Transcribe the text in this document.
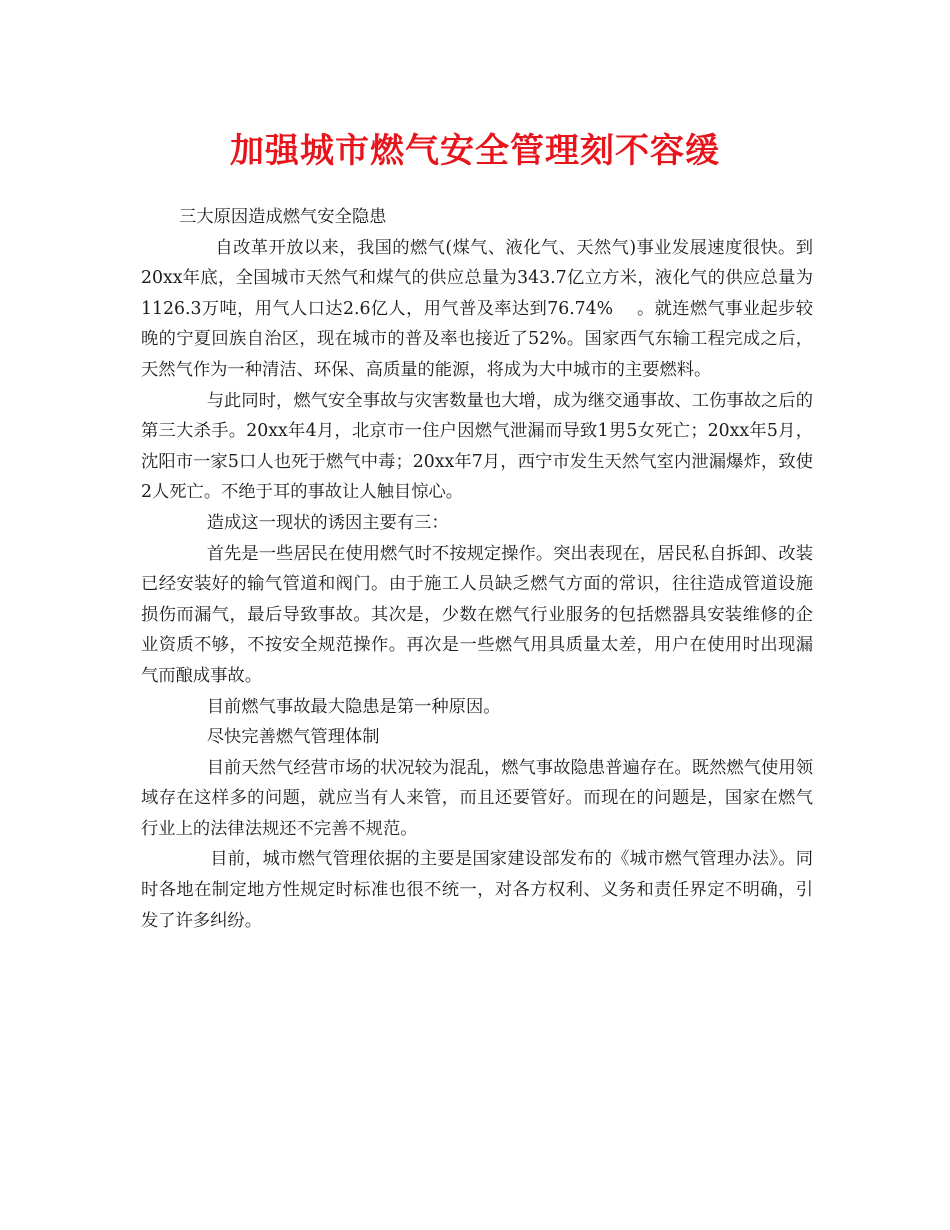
加强城市燃气安全管理刻不容缓

三大原因造成燃气安全隐患

自改革开放以来，我国的燃气(煤气、液化气、天然气)事业发展速度很快。到20xx年底，全国城市天然气和煤气的供应总量为343.7亿立方米，液化气的供应总量为1126.3万吨，用气人口达2.6亿人，用气普及率达到76.74%　 。就连燃气事业起步较晚的宁夏回族自治区，现在城市的普及率也接近了52%。国家西气东输工程完成之后，天然气作为一种清洁、环保、高质量的能源，将成为大中城市的主要燃料。

与此同时，燃气安全事故与灾害数量也大增，成为继交通事故、工伤事故之后的第三大杀手。20xx年4月，北京市一住户因燃气泄漏而导致1男5女死亡；20xx年5月，沈阳市一家5口人也死于燃气中毒；20xx年7月，西宁市发生天然气室内泄漏爆炸，致使2人死亡。不绝于耳的事故让人触目惊心。

造成这一现状的诱因主要有三：

首先是一些居民在使用燃气时不按规定操作。突出表现在，居民私自拆卸、改装已经安装好的输气管道和阀门。由于施工人员缺乏燃气方面的常识，往往造成管道设施损伤而漏气，最后导致事故。其次是，少数在燃气行业服务的包括燃器具安装维修的企业资质不够，不按安全规范操作。再次是一些燃气用具质量太差，用户在使用时出现漏气而酿成事故。

目前燃气事故最大隐患是第一种原因。

尽快完善燃气管理体制

目前天然气经营市场的状况较为混乱，燃气事故隐患普遍存在。既然燃气使用领域存在这样多的问题，就应当有人来管，而且还要管好。而现在的问题是，国家在燃气行业上的法律法规还不完善不规范。

目前，城市燃气管理依据的主要是国家建设部发布的《城市燃气管理办法》。同时各地在制定地方性规定时标准也很不统一，对各方权利、义务和责任界定不明确，引发了许多纠纷。
